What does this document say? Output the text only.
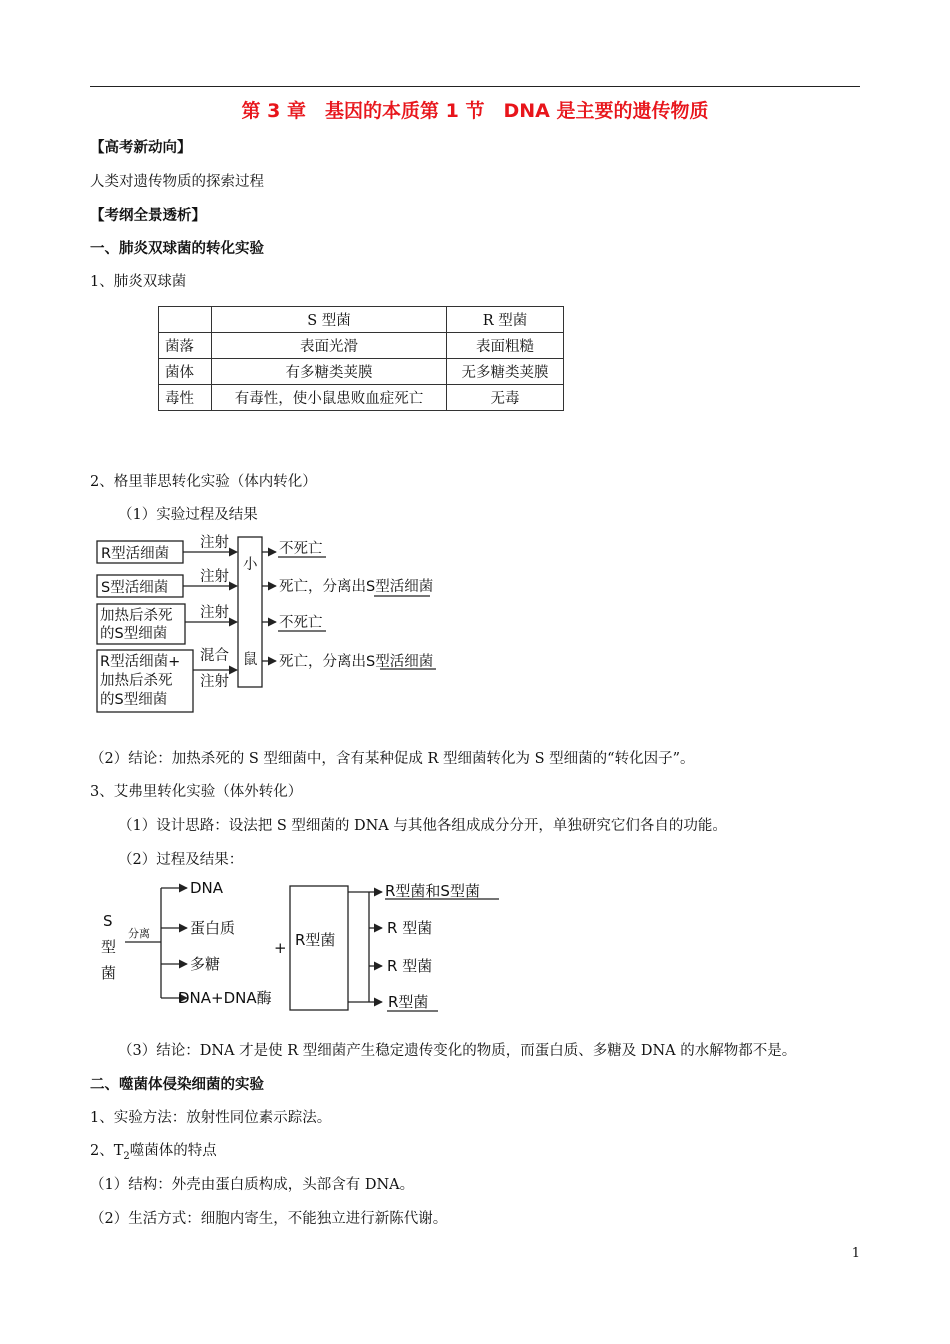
第 3 章　基因的本质第 1 节　DNA 是主要的遗传物质
【高考新动向】
人类对遗传物质的探索过程
【考纲全景透析】
一、肺炎双球菌的转化实验
1、肺炎双球菌
	S 型菌	R 型菌
菌落	表面光滑	表面粗糙
菌体	有多糖类荚膜	无多糖类荚膜
毒性	有毒性，使小鼠患败血症死亡	无毒
2、格里菲思转化实验（体内转化）
（1）实验过程及结果
R型活细菌
S型活细菌
加热后杀死
的S型细菌
R型活细菌+
加热后杀死
的S型细菌
注射
注射
注射
混合
注射
小
鼠
不死亡
死亡，分离出S型活细菌
不死亡
死亡，分离出S型活细菌
（2）结论：加热杀死的 S 型细菌中，含有某种促成 R 型细菌转化为 S 型细菌的“转化因子”。
3、艾弗里转化实验（体外转化）
（1）设计思路：设法把 S 型细菌的 DNA 与其他各组成成分分开，单独研究它们各自的功能。
（2）过程及结果：
S
型
菌
分离
DNA
蛋白质
多糖
DNA+DNA酶
+ R型菌
R型菌和S型菌
R 型菌
R 型菌
R型菌
（3）结论：DNA 才是使 R 型细菌产生稳定遗传变化的物质，而蛋白质、多糖及 DNA 的水解物都不是。
二、噬菌体侵染细菌的实验
1、实验方法：放射性同位素示踪法。
2、$T_2$噬菌体的特点
（1）结构：外壳由蛋白质构成，头部含有 DNA。
（2）生活方式：细胞内寄生，不能独立进行新陈代谢。
1
